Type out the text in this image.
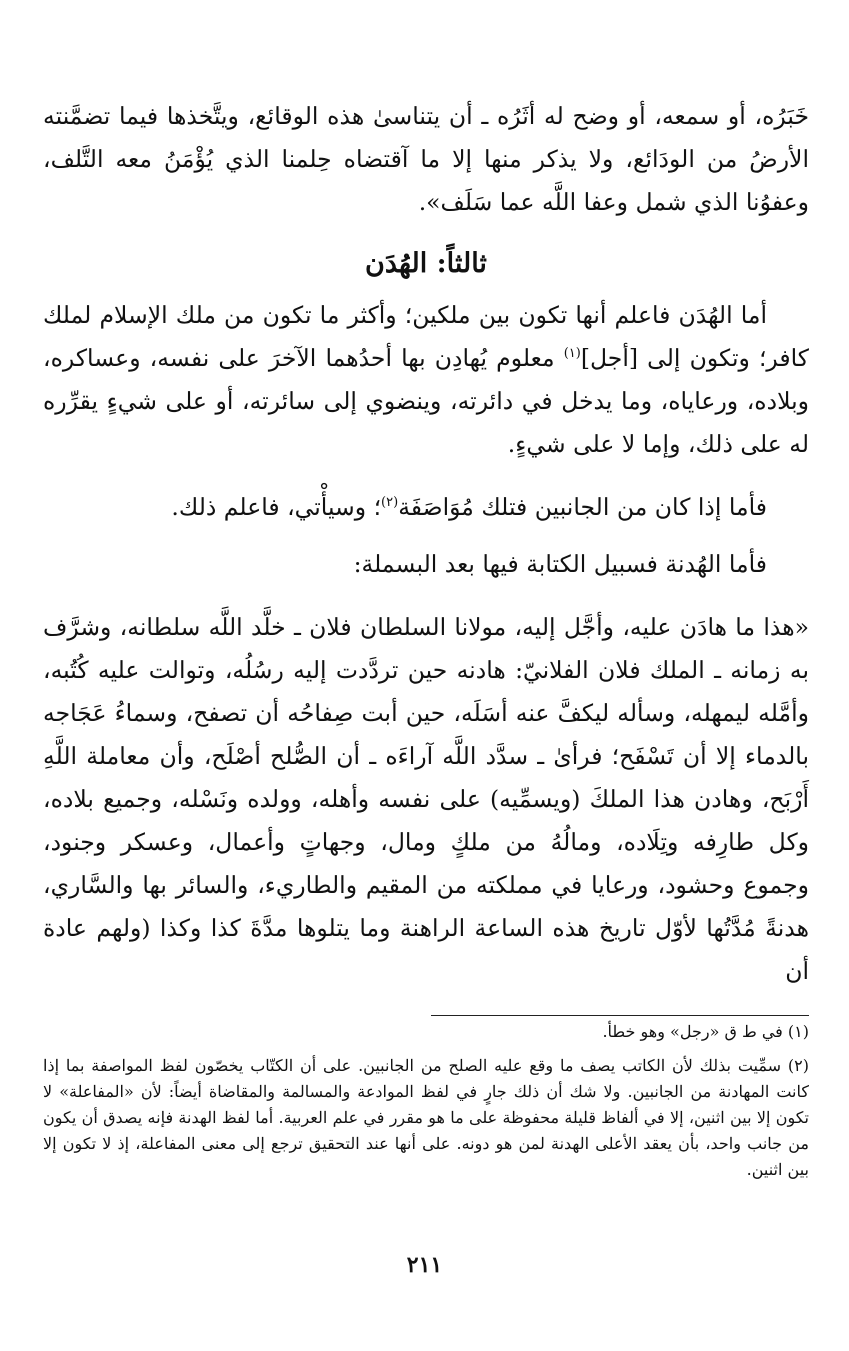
خَبَرُه، أو سمعه، أو وضح له أثَرُه ـ أن يتناسىٰ هذه الوقائع، ويتَّخذها فيما تضمَّنته الأرضُ من الودَائع، ولا يذكر منها إلا ما آقتضاه حِلمنا الذي يُؤْمَنُ معه التَّلف، وعفوُنا الذي شمل وعفا اللَّه عما سَلَف».

ثالثاً: الهُدَن

أما الهُدَن فاعلم أنها تكون بين ملكين؛ وأكثر ما تكون من ملك الإسلام لملك كافر؛ وتكون إلى [أجل]$^{(١)}$ معلوم يُهادِن بها أحدُهما الآخرَ على نفسه، وعساكره، وبلاده، ورعاياه، وما يدخل في دائرته، وينضوي إلى سائرته، أو على شيءٍ يقرِّره له على ذلك، وإما لا على شيءٍ.

فأما إذا كان من الجانبين فتلك مُوَاصَفَة$^{(٢)}$؛ وسيأْتي، فاعلم ذلك.

فأما الهُدنة فسبيل الكتابة فيها بعد البسملة:

«هذا ما هادَن عليه، وأجَّل إليه، مولانا السلطان فلان ـ خلَّد اللَّه سلطانه، وشرَّف به زمانه ـ الملك فلان الفلانيّ: هادنه حين تردَّدت إليه رسُلُه، وتوالت عليه كُتُبه، وأمَّله ليمهله، وسأله ليكفَّ عنه أسَلَه، حين أبت صِفاحُه أن تصفح، وسماءُ عَجَاجه بالدماء إلا أن تَسْفَح؛ فرأىٰ ـ سدَّد اللَّه آراءَه ـ أن الصُّلح أصْلَح، وأن معاملة اللَّهِ أَرْبَح، وهادن هذا الملكَ (ويسمِّيه) على نفسه وأهله، وولده ونَسْله، وجميع بلاده، وكل طارِفه وتِلَاده، ومالُهُ من ملكٍ ومال، وجهاتٍ وأعمال، وعسكر وجنود، وجموع وحشود، ورعايا في مملكته من المقيم والطاريء، والسائر بها والسَّاري، هدنةً مُدَّتُها لأوّل تاريخ هذه الساعة الراهنة وما يتلوها مدَّةَ كذا وكذا (ولهم عادة أن

(١) في ط ق «رجل» وهو خطأ.

(٢) سمِّيت بذلك لأن الكاتب يصف ما وقع عليه الصلح من الجانبين. على أن الكتّاب يخصّون لفظ المواصفة بما إذا كانت المهادنة من الجانبين. ولا شك أن ذلك جارٍ في لفظ الموادعة والمسالمة والمقاضاة أيضاً: لأن «المفاعلة» لا تكون إلا بين اثنين، إلا في ألفاظ قليلة محفوظة على ما هو مقرر في علم العربية. أما لفظ الهدنة فإنه يصدق أن يكون من جانب واحد، بأن يعقد الأعلى الهدنة لمن هو دونه. على أنها عند التحقيق ترجع إلى معنى المفاعلة، إذ لا تكون إلا بين اثنين.

٢١١
